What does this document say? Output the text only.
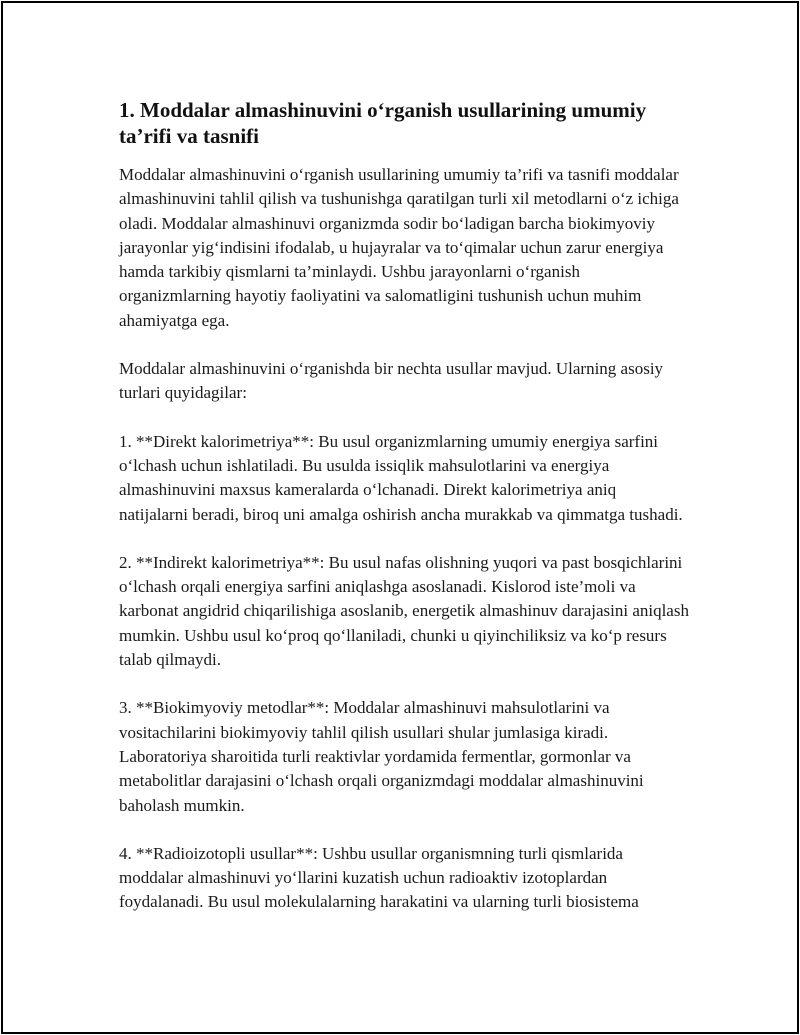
1. Moddalar almashinuvini o‘rganish usullarining umumiy ta’rifi va tasnifi

Moddalar almashinuvini o‘rganish usullarining umumiy ta’rifi va tasnifi moddalar almashinuvini tahlil qilish va tushunishga qaratilgan turli xil metodlarni o‘z ichiga oladi. Moddalar almashinuvi organizmda sodir bo‘ladigan barcha biokimyoviy jarayonlar yig‘indisini ifodalab, u hujayralar va to‘qimalar uchun zarur energiya hamda tarkibiy qismlarni ta’minlaydi. Ushbu jarayonlarni o‘rganish organizmlarning hayotiy faoliyatini va salomatligini tushunish uchun muhim ahamiyatga ega.

Moddalar almashinuvini o‘rganishda bir nechta usullar mavjud. Ularning asosiy turlari quyidagilar:

1. **Direkt kalorimetriya**: Bu usul organizmlarning umumiy energiya sarfini o‘lchash uchun ishlatiladi. Bu usulda issiqlik mahsulotlarini va energiya almashinuvini maxsus kameralarda o‘lchanadi. Direkt kalorimetriya aniq natijalarni beradi, biroq uni amalga oshirish ancha murakkab va qimmatga tushadi.

2. **Indirekt kalorimetriya**: Bu usul nafas olishning yuqori va past bosqichlarini o‘lchash orqali energiya sarfini aniqlashga asoslanadi. Kislorod iste’moli va karbonat angidrid chiqarilishiga asoslanib, energetik almashinuv darajasini aniqlash mumkin. Ushbu usul ko‘proq qo‘llaniladi, chunki u qiyinchiliksiz va ko‘p resurs talab qilmaydi.

3. **Biokimyoviy metodlar**: Moddalar almashinuvi mahsulotlarini va vositachilarini biokimyoviy tahlil qilish usullari shular jumlasiga kiradi. Laboratoriya sharoitida turli reaktivlar yordamida fermentlar, gormonlar va metabolitlar darajasini o‘lchash orqali organizmdagi moddalar almashinuvini baholash mumkin.

4. **Radioizotopli usullar**: Ushbu usullar organismning turli qismlarida moddalar almashinuvi yo‘llarini kuzatish uchun radioaktiv izotoplardan foydalanadi. Bu usul molekulalarning harakatini va ularning turli biosistema
